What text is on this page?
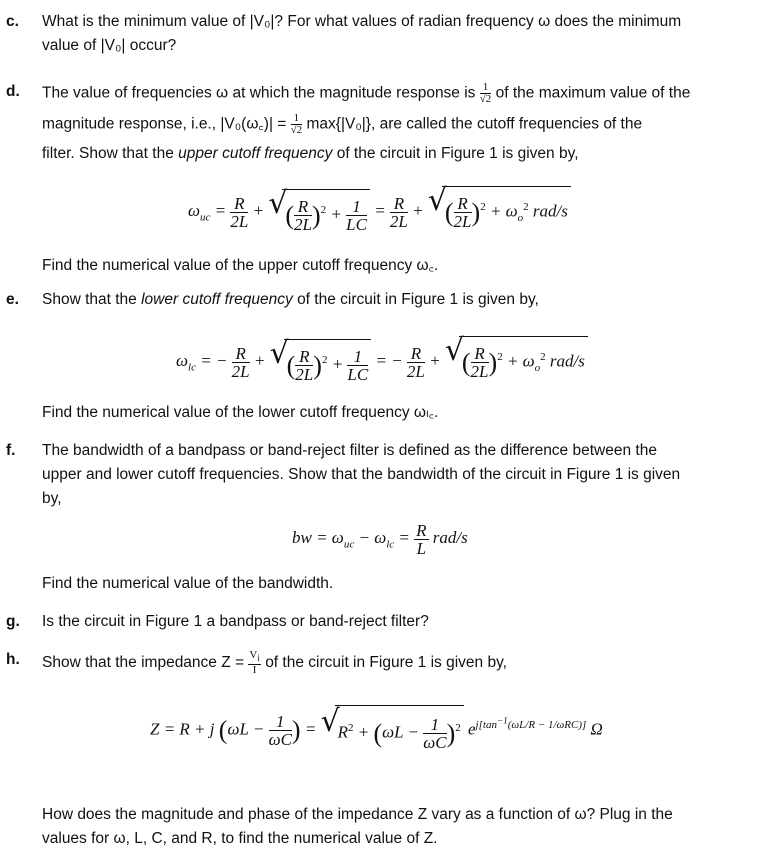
c. What is the minimum value of |V₀|? For what values of radian frequency ω does the minimum
value of |V₀| occur?
d. The value of frequencies ω at which the magnitude response is $\frac{1}{√2}$ of the maximum value of the
magnitude response, i.e., |V₀(ω꜀)| = $\frac{1}{√2} \max\{|V_0|\}$, are called the cutoff frequencies of the
filter. Show that the upper cutoff frequency of the circuit in Figure 1 is given by,
$\omega_{uc} = \frac{R}{2L}$ + √ ( $\frac{R}{2L} )^2 + \frac{1}{LC} = \frac{R}{2L}$ + √ ( $\frac{R}{2L} )^2 + \omega_o^2$ rad/s
Find the numerical value of the upper cutoff frequency ω꜀.
e. Show that the lower cutoff frequency of the circuit in Figure 1 is given by,
$\omega_{lc}$ = − $\frac{R}{2L}$ + √ ( $\frac{R}{2L} )^2 + \frac{1}{LC}$ = − $\frac{R}{2L}$ + √ ( $\frac{R}{2L} )^2 + \omega_o^2$ rad/s
Find the numerical value of the lower cutoff frequency ωₗ꜀.
f. The bandwidth of a bandpass or band-reject filter is defined as the difference between the
upper and lower cutoff frequencies. Show that the bandwidth of the circuit in Figure 1 is given
by,
bw = $\omega_{uc} - \omega_{lc} = \frac{R}{L} rad/s$
Find the numerical value of the bandwidth.
g. Is the circuit in Figure 1 a bandpass or band-reject filter?
h. Show that the impedance $Z = \frac{V_i}{I}$ of the circuit in Figure 1 is given by,
Z = R + j ($\omega L - \frac{1}{\omega C}$ ) = √ $R^2 + (\omega L - \frac{1}{\omega C} )^2$ $e^{j[tan^{-1}(\omega L/R - 1/\omega RC)]}$ Ω
How does the magnitude and phase of the impedance Z vary as a function of ω? Plug in the
values for ω, L, C, and R, to find the numerical value of Z.
